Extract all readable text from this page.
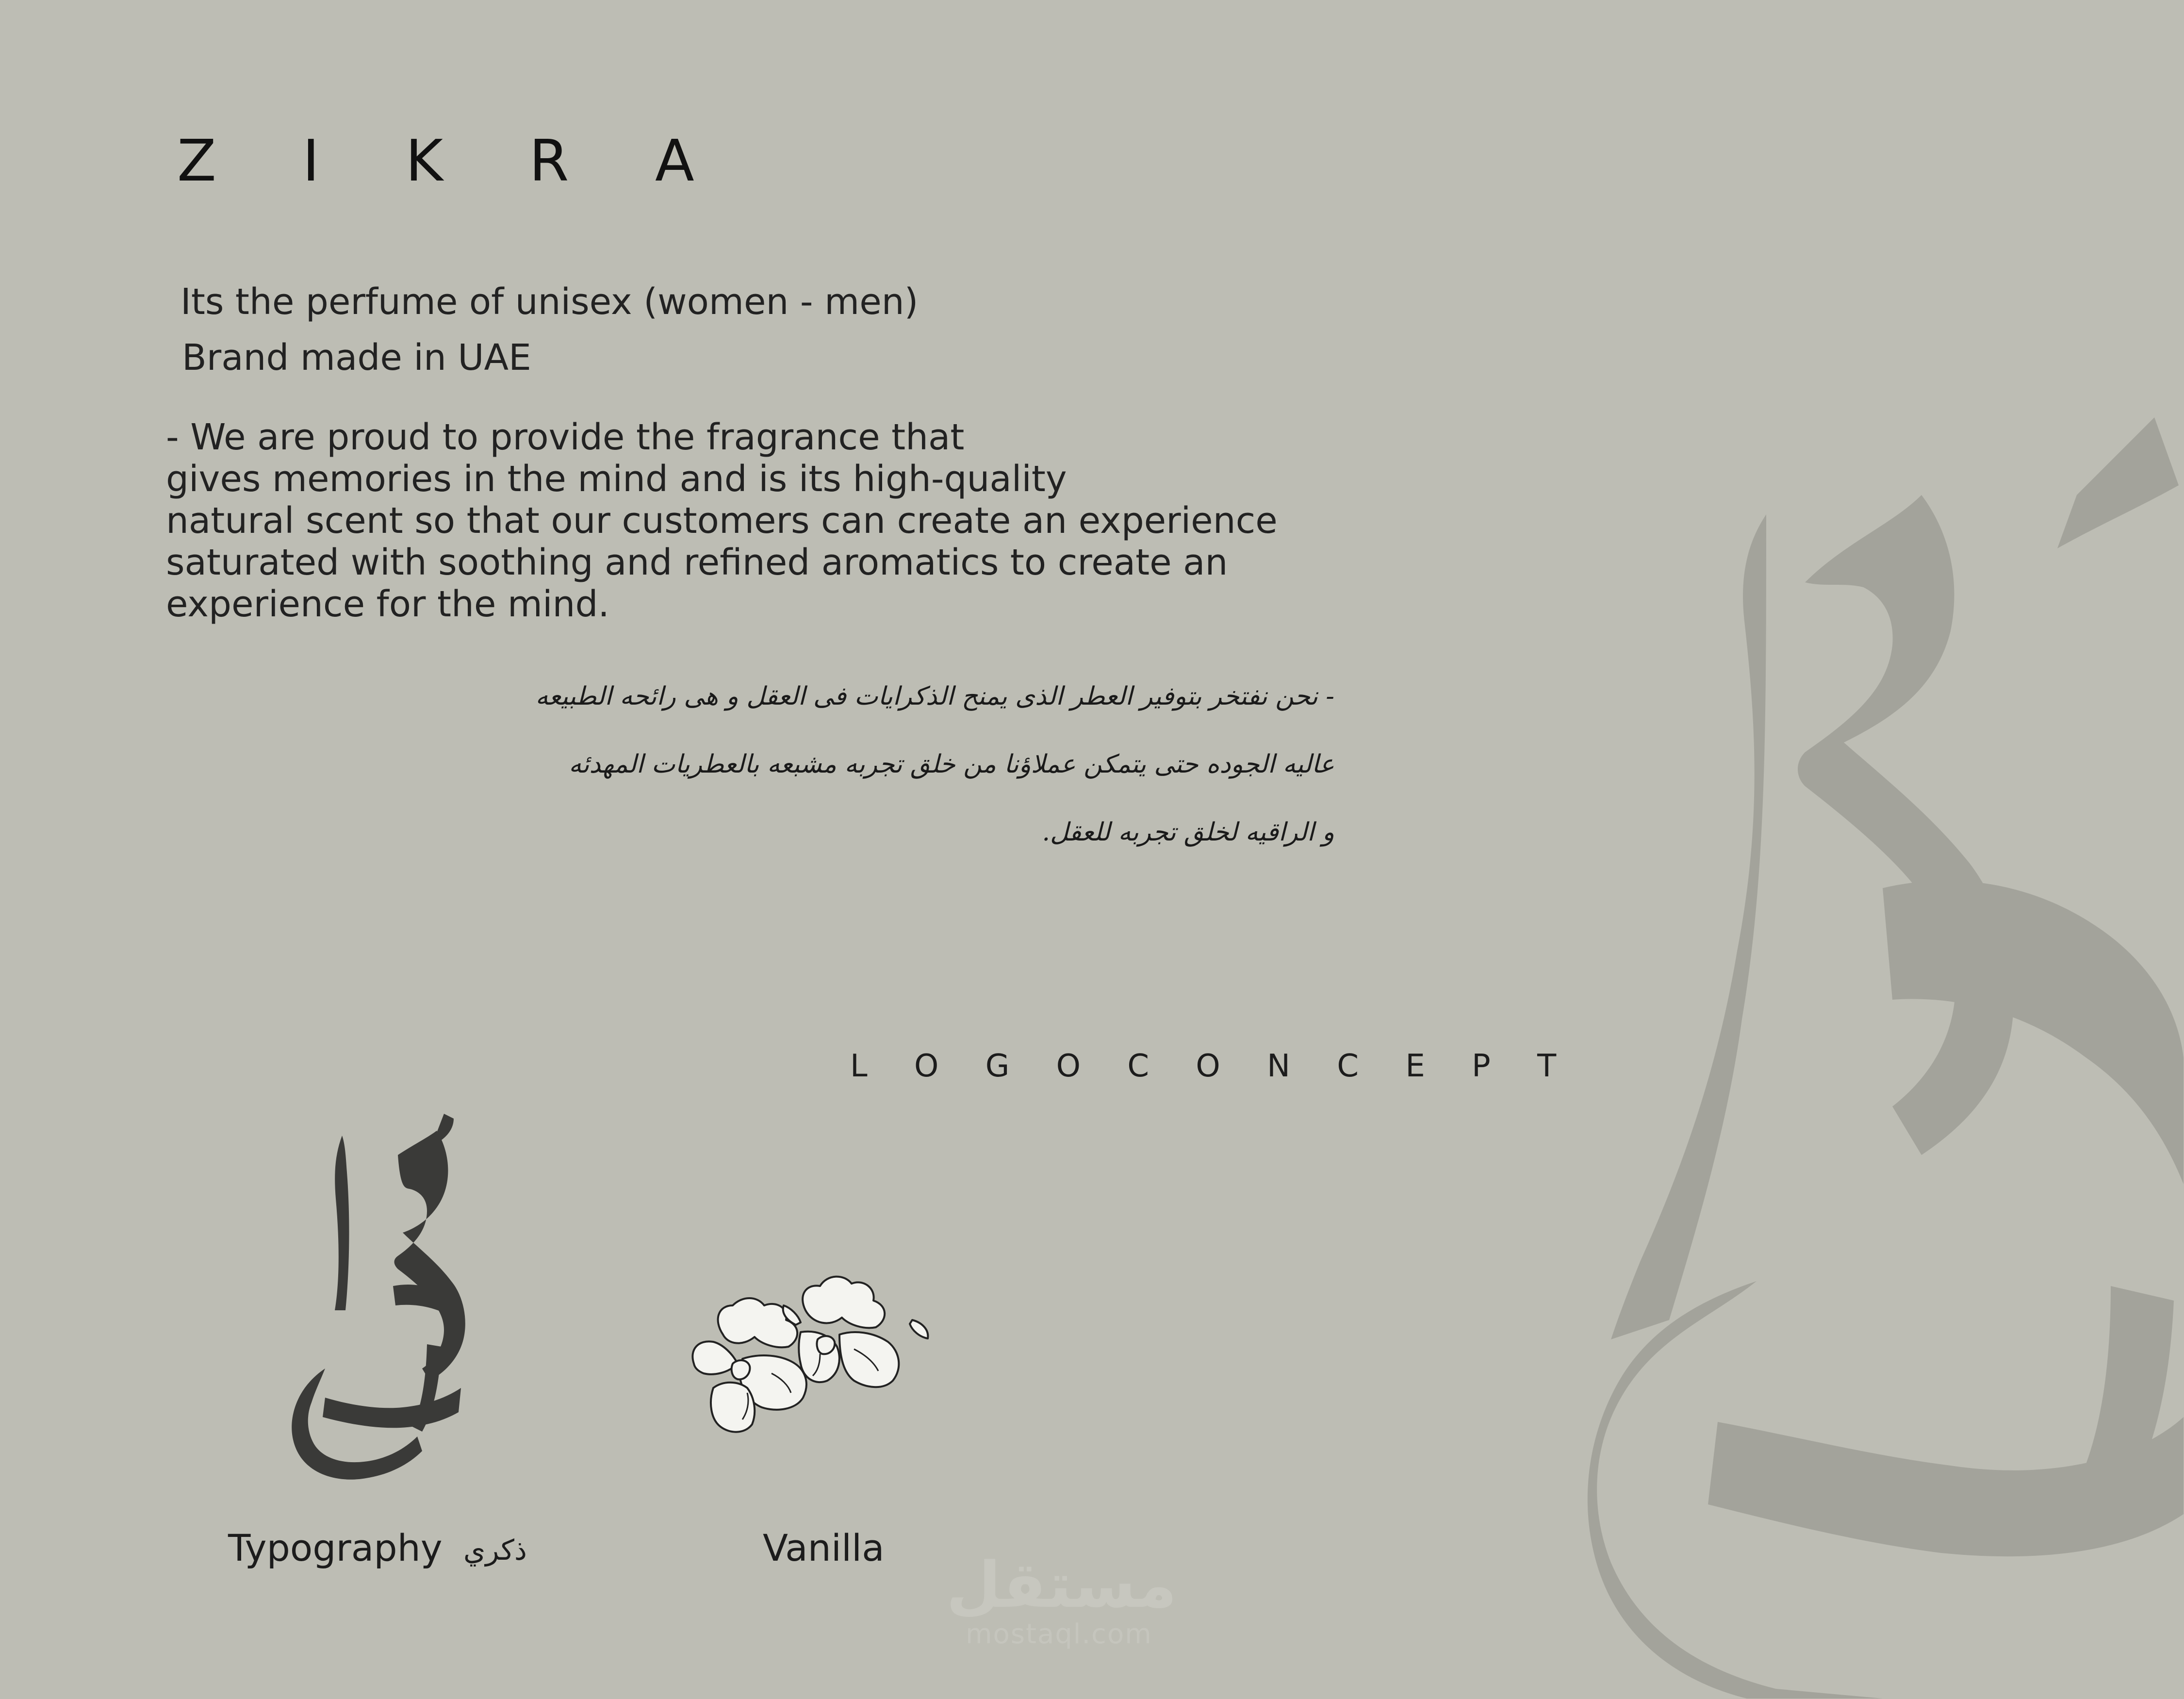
Z I K R A
Its the perfume of unisex (women - men)
Brand made in UAE
- We are proud to provide the fragrance that
gives memories in the mind and is its high-quality
natural scent so that our customers can create an experience
saturated with soothing and refined aromatics to create an
experience for the mind.
- نحن نفتخر بتوفير العطر الذى يمنح الذكرايات فى العقل و هى رائحه الطبيعه
عاليه الجوده حتى يتمكن عملاؤنا من خلق تجربه مشبعه بالعطريات المهدئه
و الراقيه لخلق تجربه للعقل.
L O G O C O N C E P T
Typography ذكري	Vanilla
مستقل
mostaql.com
